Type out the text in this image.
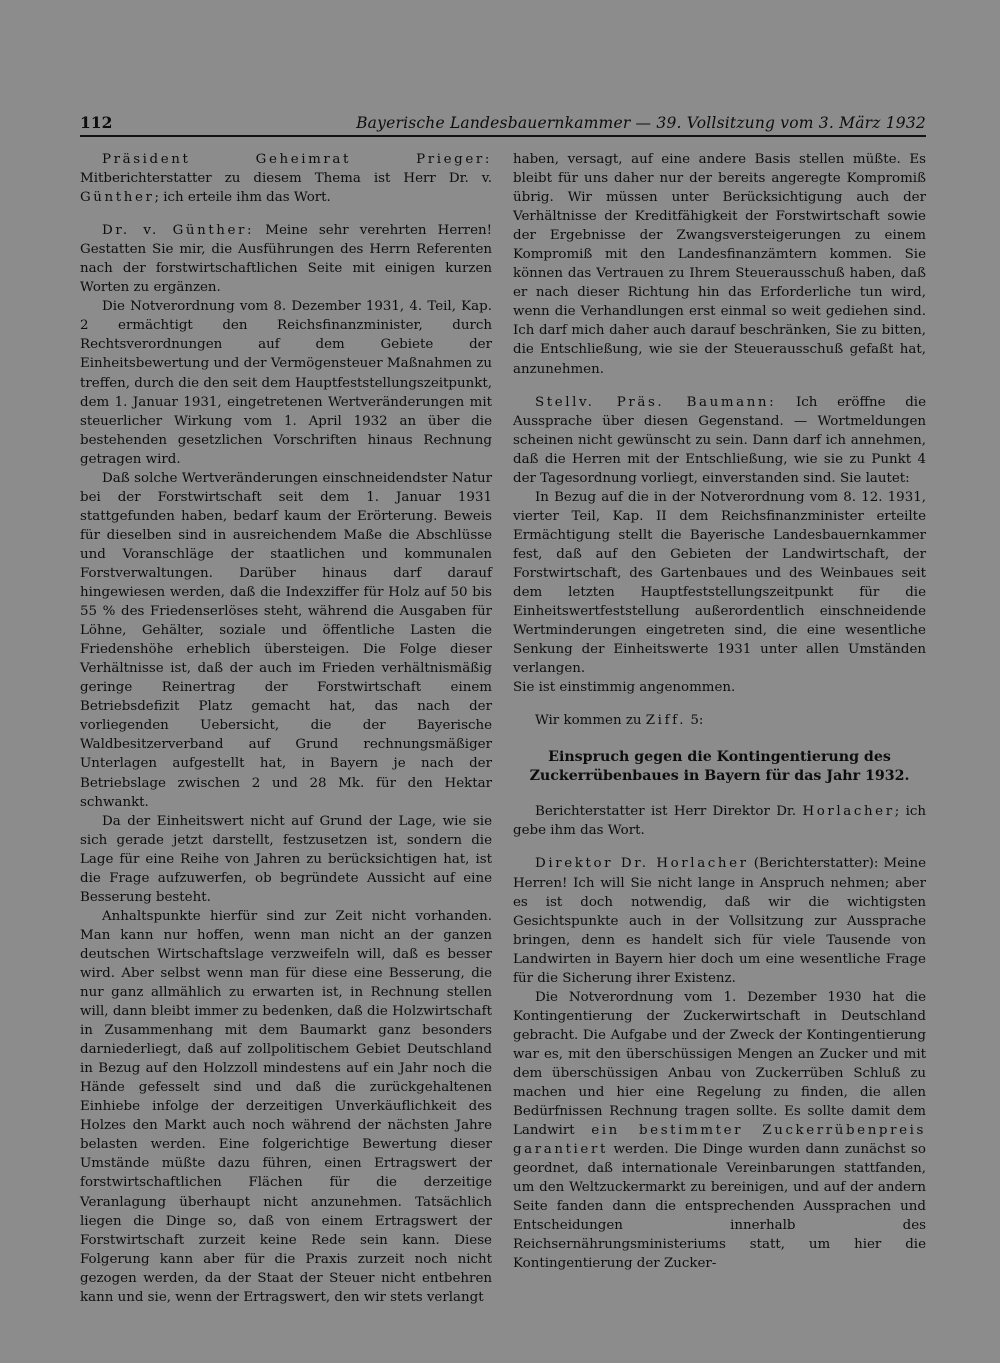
112	Bayerische Landesbauernkammer — 39. Vollsitzung vom 3. März 1932

Präsident Geheimrat Prieger: Mitberichterstatter zu diesem Thema ist Herr Dr. v. Günther; ich erteile ihm das Wort.

Dr. v. Günther: Meine sehr verehrten Herren! Gestatten Sie mir, die Ausführungen des Herrn Referenten nach der forstwirtschaftlichen Seite mit einigen kurzen Worten zu ergänzen.

Die Notverordnung vom 8. Dezember 1931, 4. Teil, Kap. 2 ermächtigt den Reichsfinanzminister, durch Rechtsverordnungen auf dem Gebiete der Einheitsbewertung und der Vermögensteuer Maßnahmen zu treffen, durch die den seit dem Hauptfeststellungszeitpunkt, dem 1. Januar 1931, eingetretenen Wertveränderungen mit steuerlicher Wirkung vom 1. April 1932 an über die bestehenden gesetzlichen Vorschriften hinaus Rechnung getragen wird.

Daß solche Wertveränderungen einschneidendster Natur bei der Forstwirtschaft seit dem 1. Januar 1931 stattgefunden haben, bedarf kaum der Erörterung. Beweis für dieselben sind in ausreichendem Maße die Abschlüsse und Voranschläge der staatlichen und kommunalen Forstverwaltungen. Darüber hinaus darf darauf hingewiesen werden, daß die Indexziffer für Holz auf 50 bis 55 % des Friedenserlöses steht, während die Ausgaben für Löhne, Gehälter, soziale und öffentliche Lasten die Friedenshöhe erheblich übersteigen. Die Folge dieser Verhältnisse ist, daß der auch im Frieden verhältnismäßig geringe Reinertrag der Forstwirtschaft einem Betriebsdefizit Platz gemacht hat, das nach der vorliegenden Uebersicht, die der Bayerische Waldbesitzerverband auf Grund rechnungsmäßiger Unterlagen aufgestellt hat, in Bayern je nach der Betriebslage zwischen 2 und 28 Mk. für den Hektar schwankt.

Da der Einheitswert nicht auf Grund der Lage, wie sie sich gerade jetzt darstellt, festzusetzen ist, sondern die Lage für eine Reihe von Jahren zu berücksichtigen hat, ist die Frage aufzuwerfen, ob begründete Aussicht auf eine Besserung besteht.

Anhaltspunkte hierfür sind zur Zeit nicht vorhanden. Man kann nur hoffen, wenn man nicht an der ganzen deutschen Wirtschaftslage verzweifeln will, daß es besser wird. Aber selbst wenn man für diese eine Besserung, die nur ganz allmählich zu erwarten ist, in Rechnung stellen will, dann bleibt immer zu bedenken, daß die Holzwirtschaft in Zusammenhang mit dem Baumarkt ganz besonders darniederliegt, daß auf zollpolitischem Gebiet Deutschland in Bezug auf den Holzzoll mindestens auf ein Jahr noch die Hände gefesselt sind und daß die zurückgehaltenen Einhiebe infolge der derzeitigen Unverkäuflichkeit des Holzes den Markt auch noch während der nächsten Jahre belasten werden. Eine folgerichtige Bewertung dieser Umstände müßte dazu führen, einen Ertragswert der forstwirtschaftlichen Flächen für die derzeitige Veranlagung überhaupt nicht anzunehmen. Tatsächlich liegen die Dinge so, daß von einem Ertragswert der Forstwirtschaft zurzeit keine Rede sein kann. Diese Folgerung kann aber für die Praxis zurzeit noch nicht gezogen werden, da der Staat der Steuer nicht entbehren kann und sie, wenn der Ertragswert, den wir stets verlangt

haben, versagt, auf eine andere Basis stellen müßte. Es bleibt für uns daher nur der bereits angeregte Kompromiß übrig. Wir müssen unter Berücksichtigung auch der Verhältnisse der Kreditfähigkeit der Forstwirtschaft sowie der Ergebnisse der Zwangsversteigerungen zu einem Kompromiß mit den Landesfinanzämtern kommen. Sie können das Vertrauen zu Ihrem Steuerausschuß haben, daß er nach dieser Richtung hin das Erforderliche tun wird, wenn die Verhandlungen erst einmal so weit gediehen sind. Ich darf mich daher auch darauf beschränken, Sie zu bitten, die Entschließung, wie sie der Steuerausschuß gefaßt hat, anzunehmen.

Stellv. Präs. Baumann: Ich eröffne die Aussprache über diesen Gegenstand. — Wortmeldungen scheinen nicht gewünscht zu sein. Dann darf ich annehmen, daß die Herren mit der Entschließung, wie sie zu Punkt 4 der Tagesordnung vorliegt, einverstanden sind. Sie lautet:

In Bezug auf die in der Notverordnung vom 8. 12. 1931, vierter Teil, Kap. II dem Reichsfinanzminister erteilte Ermächtigung stellt die Bayerische Landesbauernkammer fest, daß auf den Gebieten der Landwirtschaft, der Forstwirtschaft, des Gartenbaues und des Weinbaues seit dem letzten Hauptfeststellungszeitpunkt für die Einheitswertfeststellung außerordentlich einschneidende Wertminderungen eingetreten sind, die eine wesentliche Senkung der Einheitswerte 1931 unter allen Umständen verlangen.

Sie ist einstimmig angenommen.

Wir kommen zu Ziff. 5:

Einspruch gegen die Kontingentierung des
Zuckerrübenbaues in Bayern für das Jahr 1932.

Berichterstatter ist Herr Direktor Dr. Horlacher; ich gebe ihm das Wort.

Direktor Dr. Horlacher (Berichterstatter): Meine Herren! Ich will Sie nicht lange in Anspruch nehmen; aber es ist doch notwendig, daß wir die wichtigsten Gesichtspunkte auch in der Vollsitzung zur Aussprache bringen, denn es handelt sich für viele Tausende von Landwirten in Bayern hier doch um eine wesentliche Frage für die Sicherung ihrer Existenz.

Die Notverordnung vom 1. Dezember 1930 hat die Kontingentierung der Zuckerwirtschaft in Deutschland gebracht. Die Aufgabe und der Zweck der Kontingentierung war es, mit den überschüssigen Mengen an Zucker und mit dem überschüssigen Anbau von Zuckerrüben Schluß zu machen und hier eine Regelung zu finden, die allen Bedürfnissen Rechnung tragen sollte. Es sollte damit dem Landwirt ein bestimmter Zuckerrübenpreis garantiert werden. Die Dinge wurden dann zunächst so geordnet, daß internationale Vereinbarungen stattfanden, um den Weltzuckermarkt zu bereinigen, und auf der andern Seite fanden dann die entsprechenden Aussprachen und Entscheidungen innerhalb des Reichsernährungsministeriums statt, um hier die Kontingentierung der Zucker-
